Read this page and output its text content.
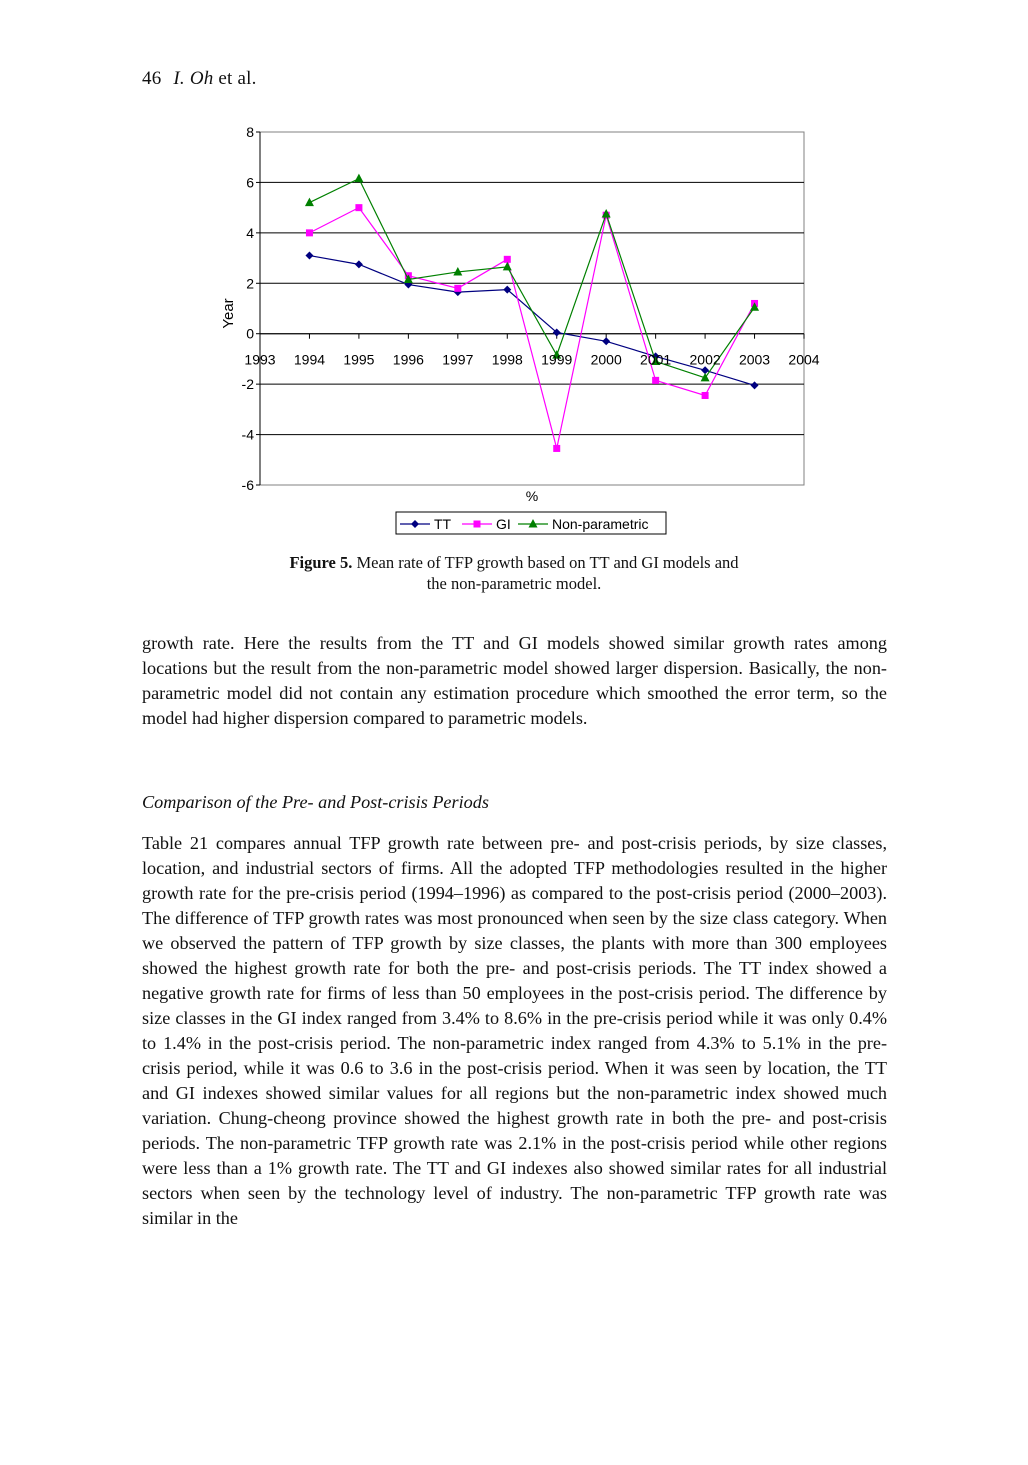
46 I. Oh et al.
8
6
4
2
0
-2
-4
-6
1993 1994 1995 1996 1997 1998 1999 2000 2001 2002 2003 2004
%
Year
TT	GI	Non-parametric
Figure 5. Mean rate of TFP growth based on TT and GI models and
the non-parametric model.

growth rate. Here the results from the TT and GI models showed similar growth rates among locations but the result from the non-parametric model showed larger dispersion. Basically, the non-parametric model did not contain any estimation procedure which smoothed the error term, so the model had higher dispersion compared to parametric models.

Comparison of the Pre- and Post-crisis Periods

Table 21 compares annual TFP growth rate between pre- and post-crisis periods, by size classes, location, and industrial sectors of firms. All the adopted TFP methodologies resulted in the higher growth rate for the pre-crisis period (1994–1996) as compared to the post-crisis period (2000–2003). The difference of TFP growth rates was most pronounced when seen by the size class category. When we observed the pattern of TFP growth by size classes, the plants with more than 300 employees showed the highest growth rate for both the pre- and post-crisis periods. The TT index showed a negative growth rate for firms of less than 50 employees in the post-crisis period. The difference by size classes in the GI index ranged from 3.4% to 8.6% in the pre-crisis period while it was only 0.4% to 1.4% in the post-crisis period. The non-parametric index ranged from 4.3% to 5.1% in the pre-crisis period, while it was 0.6 to 3.6 in the post-crisis period. When it was seen by location, the TT and GI indexes showed similar values for all regions but the non-parametric index showed much variation. Chung-cheong province showed the highest growth rate in both the pre- and post-crisis periods. The non-parametric TFP growth rate was 2.1% in the post-crisis period while other regions were less than a 1% growth rate. The TT and GI indexes also showed similar rates for all industrial sectors when seen by the technology level of industry. The non-parametric TFP growth rate was similar in the
